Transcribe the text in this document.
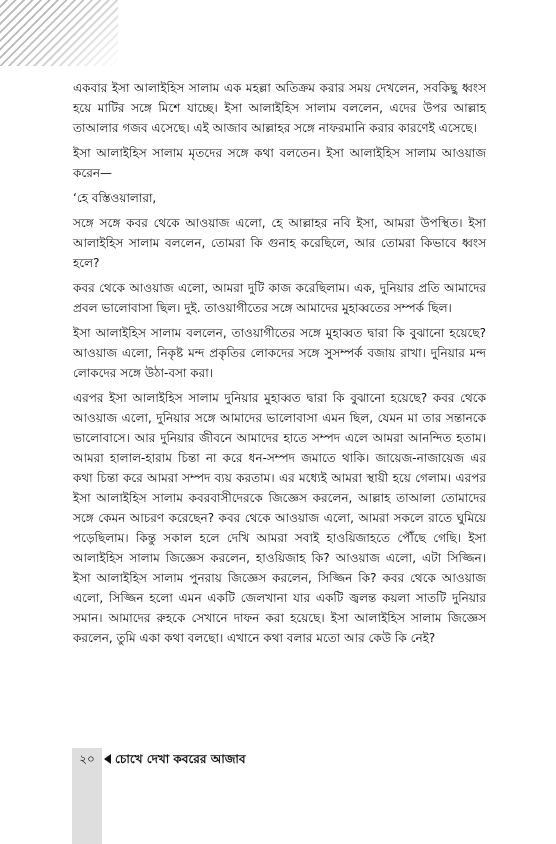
একবার ইসা আলাইহিস সালাম এক মহল্লা অতিক্রম করার সময় দেখলেন, সবকিছু ধ্বংস হয়ে মাটির সঙ্গে মিশে যাচ্ছে। ইসা আলাইহিস সালাম বললেন, এদের উপর আল্লাহ তাআলার গজব এসেছে। এই আজাব আল্লাহর সঙ্গে নাফরমানি করার কারণেই এসেছে।

ইসা আলাইহিস সালাম মৃতদের সঙ্গে কথা বলতেন। ইসা আলাইহিস সালাম আওয়াজ করেন—

‘হে বস্তিওয়ালারা,

সঙ্গে সঙ্গে কবর থেকে আওয়াজ এলো, হে আল্লাহর নবি ইসা, আমরা উপস্থিত। ইসা আলাইহিস সালাম বললেন, তোমরা কি গুনাহ করেছিলে, আর তোমরা কিভাবে ধ্বংস হলে?

কবর থেকে আওয়াজ এলো, আমরা দুটি কাজ করেছিলাম। এক, দুনিয়ার প্রতি আমাদের প্রবল ভালোবাসা ছিল। দুই. তাওয়াগীতের সঙ্গে আমাদের মুহাব্বতের সম্পর্ক ছিল।

ইসা আলাইহিস সালাম বললেন, তাওয়াগীতের সঙ্গে মুহাব্বত দ্বারা কি বুঝানো হয়েছে? আওয়াজ এলো, নিকৃষ্ট মন্দ প্রকৃতির লোকদের সঙ্গে সুসম্পর্ক বজায় রাখা। দুনিয়ার মন্দ লোকদের সঙ্গে উঠা-বসা করা।

এরপর ইসা আলাইহিস সালাম দুনিয়ার মুহাব্বত দ্বারা কি বুঝানো হয়েছে? কবর থেকে আওয়াজ এলো, দুনিয়ার সঙ্গে আমাদের ভালোবাসা এমন ছিল, যেমন মা তার সন্তানকে ভালোবাসে। আর দুনিয়ার জীবনে আমাদের হাতে সম্পদ এলে আমরা আনন্দিত হতাম। আমরা হালাল-হারাম চিন্তা না করে ধন-সম্পদ জমাতে থাকি। জায়েজ-নাজায়েজ এর কথা চিন্তা করে আমরা সম্পদ ব্যয় করতাম। এর মধ্যেই আমরা স্থায়ী হয়ে গেলাম। এরপর ইসা আলাইহিস সালাম কবরবাসীদেরকে জিজ্ঞেস করলেন, আল্লাহ তাআলা তোমাদের সঙ্গে কেমন আচরণ করেছেন? কবর থেকে আওয়াজ এলো, আমরা সকলে রাতে ঘুমিয়ে পড়েছিলাম। কিন্তু সকাল হলে দেখি আমরা সবাই হাওয়িজাহতে পৌঁছে গেছি। ইসা আলাইহিস সালাম জিজ্ঞেস করলেন, হাওয়িজাহ কি? আওয়াজ এলো, এটা সিজ্জিন। ইসা আলাইহিস সালাম পুনরায় জিজ্ঞেস করলেন, সিজ্জিন কি? কবর থেকে আওয়াজ এলো, সিজ্জিন হলো এমন একটি জেলখানা যার একটি জ্বলন্ত কয়লা সাতটি দুনিয়ার সমান। আমাদের রুহকে সেখানে দাফন করা হয়েছে। ইসা আলাইহিস সালাম জিজ্ঞেস করলেন, তুমি একা কথা বলছো। এখানে কথা বলার মতো আর কেউ কি নেই?

২০	চোখে দেখা কবরের আজাব
